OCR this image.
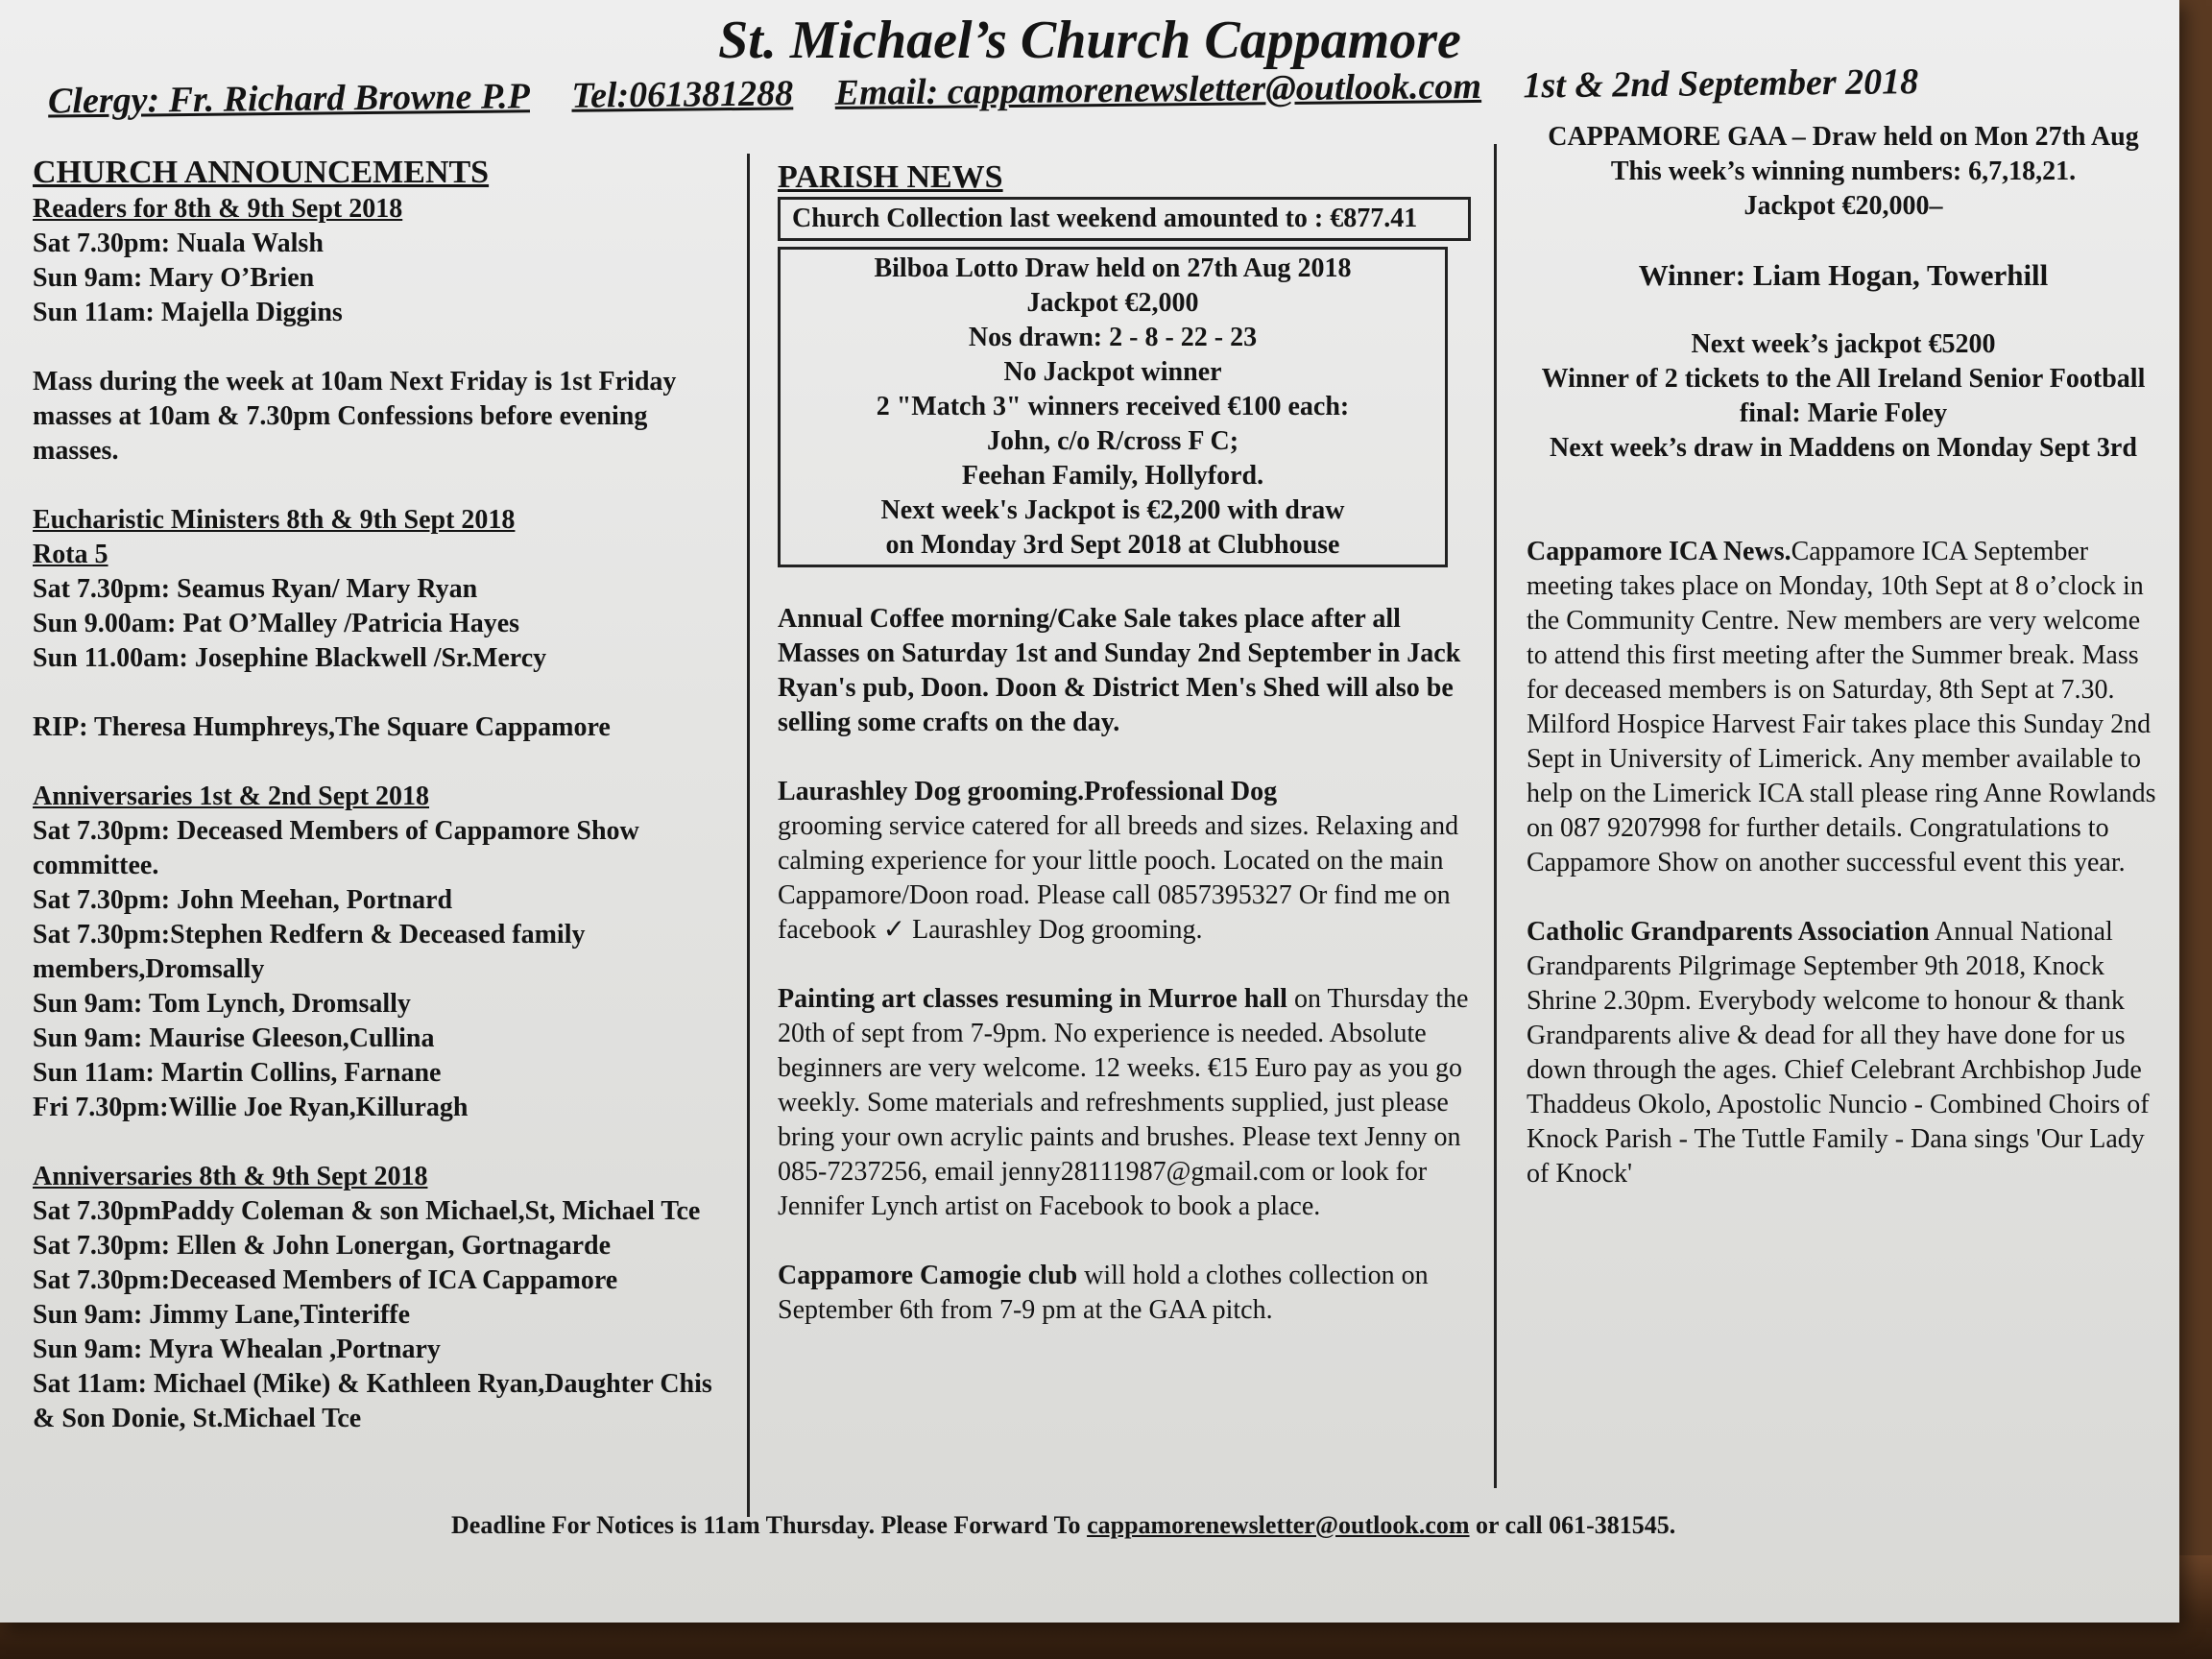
St. Michael’s Church Cappamore
Clergy: Fr. Richard Browne P.P Tel:061381288 Email: cappamorenewsletter@outlook.com 1st & 2nd September 2018

CHURCH ANNOUNCEMENTS

Readers for 8th & 9th Sept 2018

Sat 7.30pm: Nuala Walsh

Sun 9am: Mary O’Brien

Sun 11am: Majella Diggins

Mass during the week at 10am Next Friday is 1st Friday masses at 10am & 7.30pm Confessions before evening masses.

Eucharistic Ministers 8th & 9th Sept 2018

Rota 5

Sat 7.30pm: Seamus Ryan/ Mary Ryan

Sun 9.00am: Pat O’Malley /Patricia Hayes

Sun 11.00am: Josephine Blackwell /Sr.Mercy

RIP: Theresa Humphreys,The Square Cappamore

Anniversaries 1st & 2nd Sept 2018

Sat 7.30pm: Deceased Members of Cappamore Show committee.

Sat 7.30pm: John Meehan, Portnard

Sat 7.30pm:Stephen Redfern & Deceased family members,Dromsally

Sun 9am: Tom Lynch, Dromsally

Sun 9am: Maurise Gleeson,Cullina

Sun 11am: Martin Collins, Farnane

Fri 7.30pm:Willie Joe Ryan,Killuragh

Anniversaries 8th & 9th Sept 2018

Sat 7.30pmPaddy Coleman & son Michael,St, Michael Tce

Sat 7.30pm: Ellen & John Lonergan, Gortnagarde

Sat 7.30pm:Deceased Members of ICA Cappamore

Sun 9am: Jimmy Lane,Tinteriffe

Sun 9am: Myra Whealan ,Portnary

Sat 11am: Michael (Mike) & Kathleen Ryan,Daughter Chis & Son Donie, St.Michael Tce

PARISH NEWS

Church Collection last weekend amounted to : €877.41

Bilboa Lotto Draw held on 27th Aug 2018

Jackpot €2,000

Nos drawn: 2 - 8 - 22 - 23

No Jackpot winner

2 "Match 3" winners received €100 each:

John, c/o R/cross F C;

Feehan Family, Hollyford.

Next week's Jackpot is €2,200 with draw

on Monday 3rd Sept 2018 at Clubhouse

Annual Coffee morning/Cake Sale takes place after all Masses on Saturday 1st and Sunday 2nd September in Jack Ryan's pub, Doon. Doon & District Men's Shed will also be selling some crafts on the day.

Laurashley Dog grooming.Professional Dog
grooming service catered for all breeds and sizes. Relaxing and calming experience for your little pooch. Located on the main Cappamore/Doon road. Please call 0857395327 Or find me on facebook ✓ Laurashley Dog grooming.

Painting art classes resuming in Murroe hall on Thursday the 20th of sept from 7-9pm. No experience is needed. Absolute beginners are very welcome. 12 weeks. €15 Euro pay as you go weekly. Some materials and refreshments supplied, just please bring your own acrylic paints and brushes. Please text Jenny on 085-7237256, email jenny28111987@gmail.com or look for Jennifer Lynch artist on Facebook to book a place.

Cappamore Camogie club will hold a clothes collection on September 6th from 7-9 pm at the GAA pitch.

CAPPAMORE GAA – Draw held on Mon 27th Aug

This week’s winning numbers: 6,7,18,21.

Jackpot €20,000–

Winner: Liam Hogan, Towerhill

Next week’s jackpot €5200

Winner of 2 tickets to the All Ireland Senior Football final: Marie Foley

Next week’s draw in Maddens on Monday Sept 3rd

Cappamore ICA News.Cappamore ICA September meeting takes place on Monday, 10th Sept at 8 o’clock in the Community Centre. New members are very welcome to attend this first meeting after the Summer break. Mass for deceased members is on Saturday, 8th Sept at 7.30. Milford Hospice Harvest Fair takes place this Sunday 2nd Sept in University of Limerick. Any member available to help on the Limerick ICA stall please ring Anne Rowlands on 087 9207998 for further details. Congratulations to Cappamore Show on another successful event this year.

Catholic Grandparents Association Annual National Grandparents Pilgrimage September 9th 2018, Knock Shrine 2.30pm. Everybody welcome to honour & thank Grandparents alive & dead for all they have done for us down through the ages. Chief Celebrant Archbishop Jude Thaddeus Okolo, Apostolic Nuncio - Combined Choirs of Knock Parish - The Tuttle Family - Dana sings 'Our Lady of Knock'

Deadline For Notices is 11am Thursday. Please Forward To cappamorenewsletter@outlook.com or call 061-381545.
